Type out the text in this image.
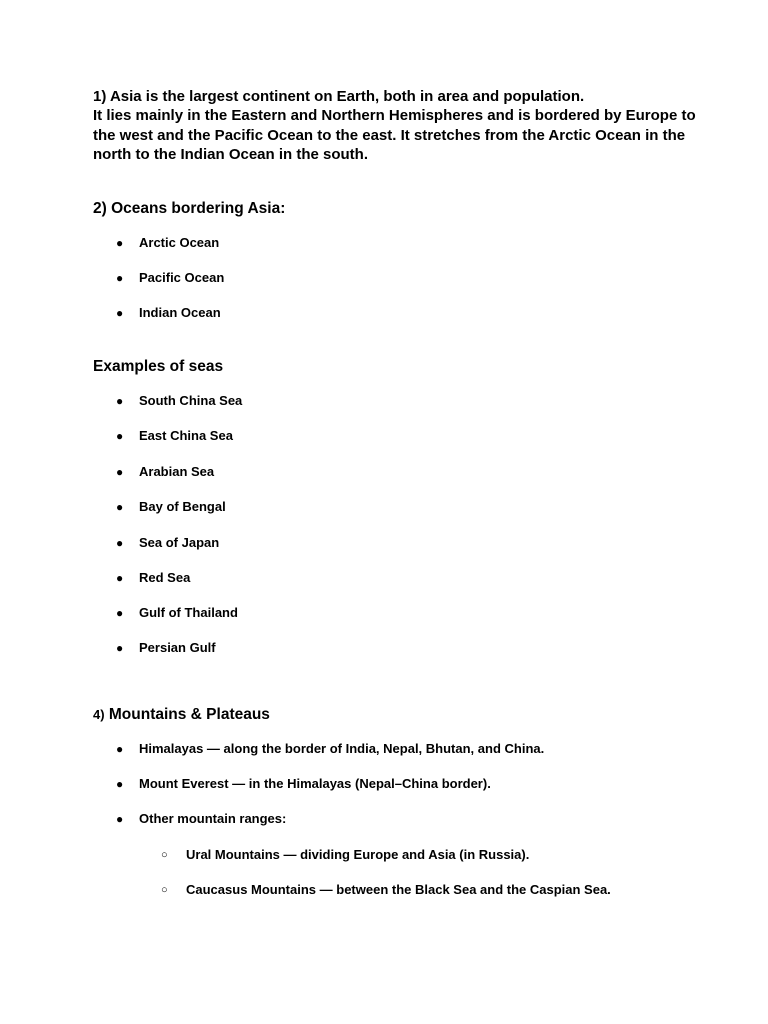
1) Asia is the largest continent on Earth, both in area and population.

It lies mainly in the Eastern and Northern Hemispheres and is bordered by Europe to the west and the Pacific Ocean to the east. It stretches from the Arctic Ocean in the north to the Indian Ocean in the south.

2) Oceans bordering Asia:
● Arctic Ocean
● Pacific Ocean
● Indian Ocean
Examples of seas
● South China Sea
● East China Sea
● Arabian Sea
● Bay of Bengal
● Sea of Japan
● Red Sea
● Gulf of Thailand
● Persian Gulf
4) Mountains & Plateaus
● Himalayas — along the border of India, Nepal, Bhutan, and China.
● Mount Everest — in the Himalayas (Nepal–China border).
● Other mountain ranges:
○ Ural Mountains — dividing Europe and Asia (in Russia).
○ Caucasus Mountains — between the Black Sea and the Caspian Sea.
